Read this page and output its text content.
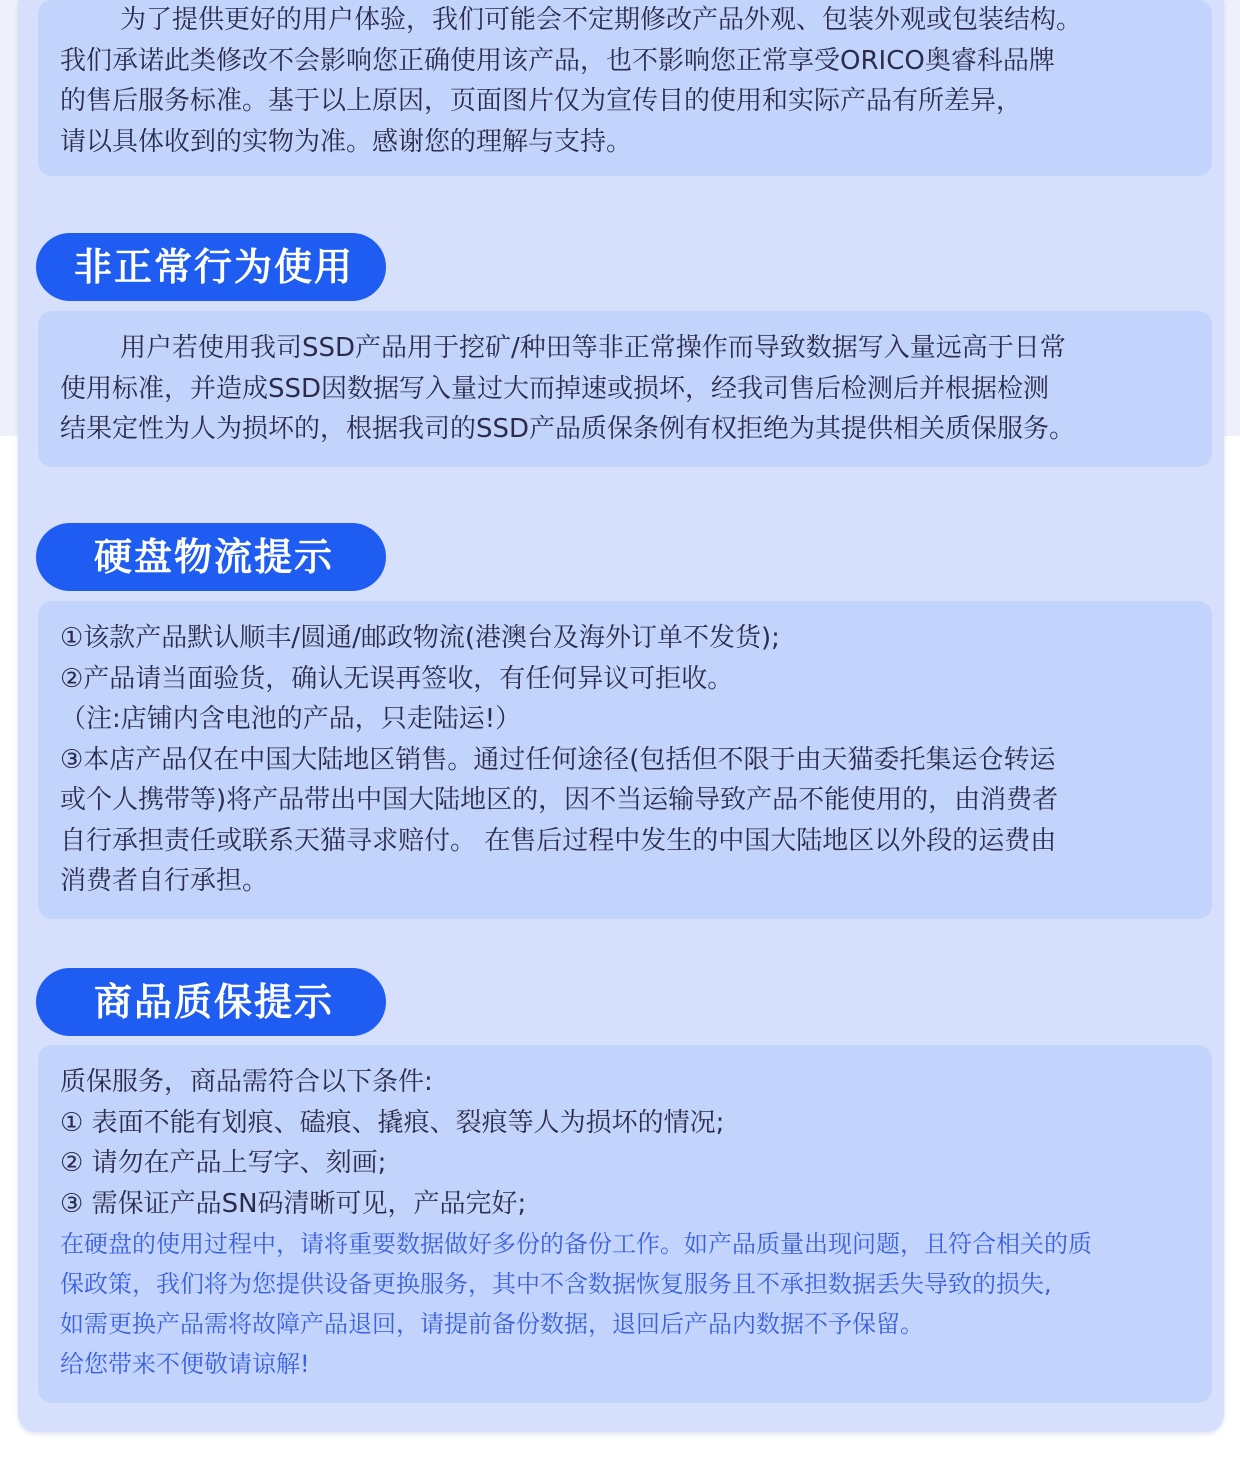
为了提供更好的用户体验，我们可能会不定期修改产品外观、包装外观或包装结构。

我们承诺此类修改不会影响您正确使用该产品，也不影响您正常享受ORICO奥睿科品牌

的售后服务标准。基于以上原因，页面图片仅为宣传目的使用和实际产品有所差异，

请以具体收到的实物为准。感谢您的理解与支持。

非正常行为使用

用户若使用我司SSD产品用于挖矿/种田等非正常操作而导致数据写入量远高于日常

使用标准，并造成SSD因数据写入量过大而掉速或损坏，经我司售后检测后并根据检测

结果定性为人为损坏的，根据我司的SSD产品质保条例有权拒绝为其提供相关质保服务。

硬盘物流提示

①该款产品默认顺丰/圆通/邮政物流(港澳台及海外订单不发货);

②产品请当面验货，确认无误再签收，有任何异议可拒收。

（注:店铺内含电池的产品，只走陆运!）

③本店产品仅在中国大陆地区销售。通过任何途径(包括但不限于由天猫委托集运仓转运

或个人携带等)将产品带出中国大陆地区的，因不当运输导致产品不能使用的，由消费者

自行承担责任或联系天猫寻求赔付。 在售后过程中发生的中国大陆地区以外段的运费由

消费者自行承担。

商品质保提示

质保服务，商品需符合以下条件:

① 表面不能有划痕、磕痕、撬痕、裂痕等人为损坏的情况;

② 请勿在产品上写字、刻画;

③ 需保证产品SN码清晰可见，产品完好;

在硬盘的使用过程中，请将重要数据做好多份的备份工作。如产品质量出现问题，且符合相关的质

保政策，我们将为您提供设备更换服务，其中不含数据恢复服务且不承担数据丢失导致的损失,

如需更换产品需将故障产品退回，请提前备份数据，退回后产品内数据不予保留。

给您带来不便敬请谅解!
